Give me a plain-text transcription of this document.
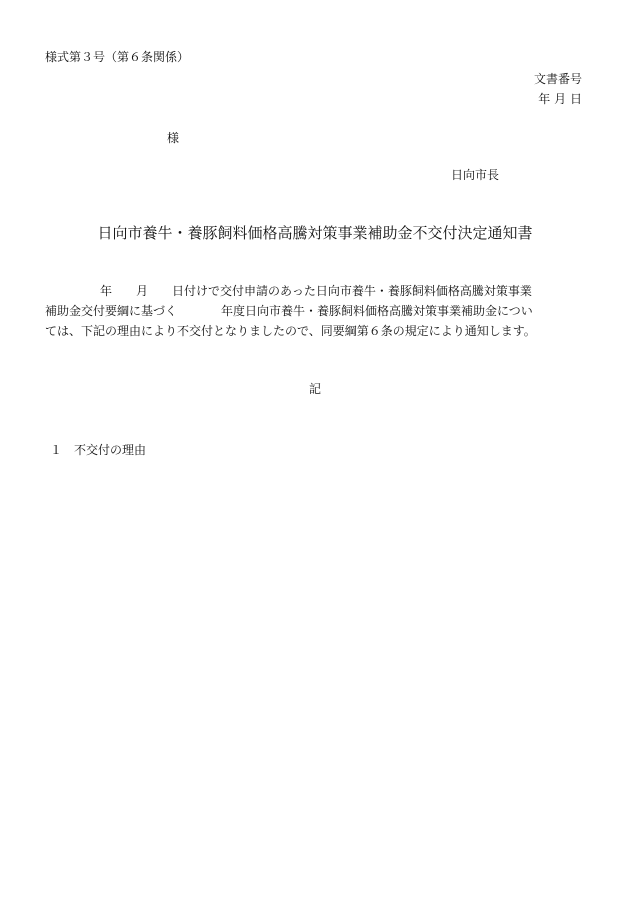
様式第３号（第６条関係）
文書番号
年 月 日
様
日向市長
日向市養牛・養豚飼料価格高騰対策事業補助金不交付決定通知書
年 月 日付けで交付申請のあった日向市養牛・養豚飼料価格高騰対策事業
補助金交付要綱に基づく	年度日向市養牛・養豚飼料価格高騰対策事業補助金につい
ては、下記の理由により不交付となりましたので、同要綱第６条の規定により通知します。
記
１ 不交付の理由
